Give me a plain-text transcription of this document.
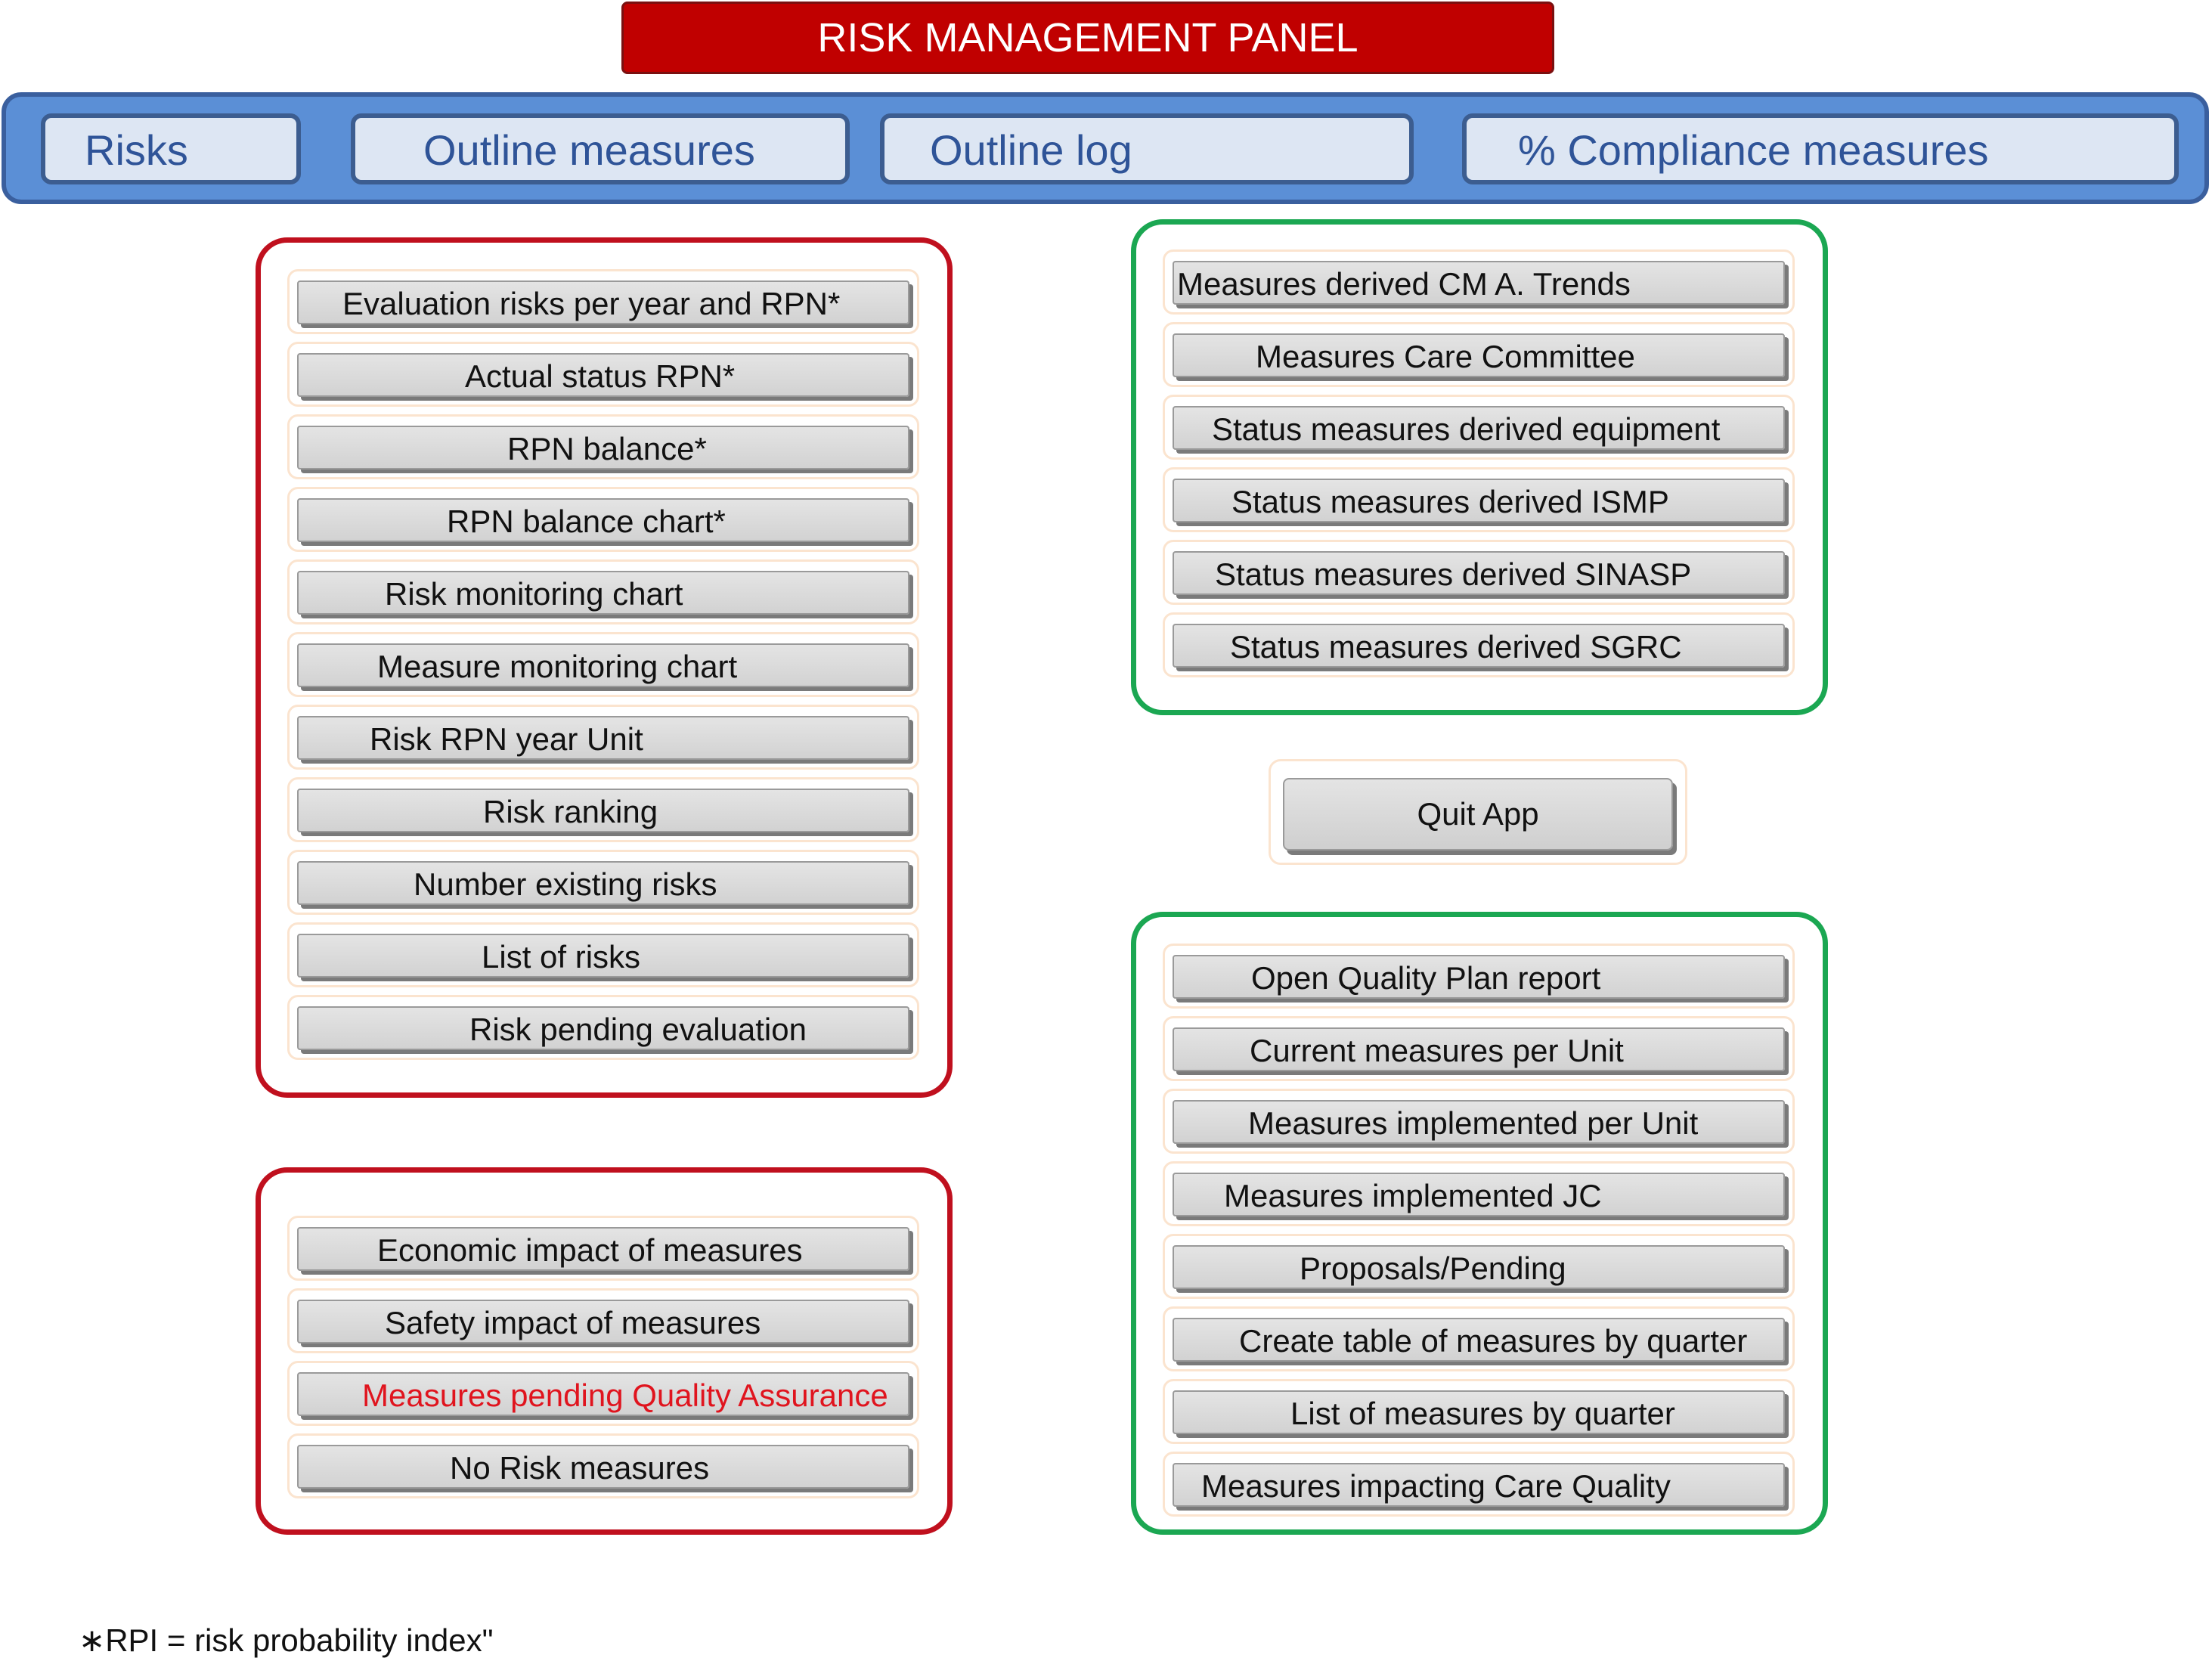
RISK MANAGEMENT PANEL
Risks	Outline measures	Outline log	% Compliance measures
Evaluation risks per year and RPN*
Actual status RPN*
RPN balance*
RPN balance chart*
Risk monitoring chart
Measure monitoring chart
Risk RPN year Unit
Risk ranking
Number existing risks
List of risks
Risk pending evaluation
Economic impact of measures
Safety impact of measures
Measures pending Quality Assurance
No Risk measures
Measures derived CM A. Trends
Measures Care Committee
Status measures derived equipment
Status measures derived ISMP
Status measures derived SINASP
Status measures derived SGRC
Quit App
Open Quality Plan report
Current measures per Unit
Measures implemented per Unit
Measures implemented JC
Proposals/Pending
Create table of measures by quarter
List of measures by quarter
Measures impacting Care Quality
∗RPI = risk probability index"
